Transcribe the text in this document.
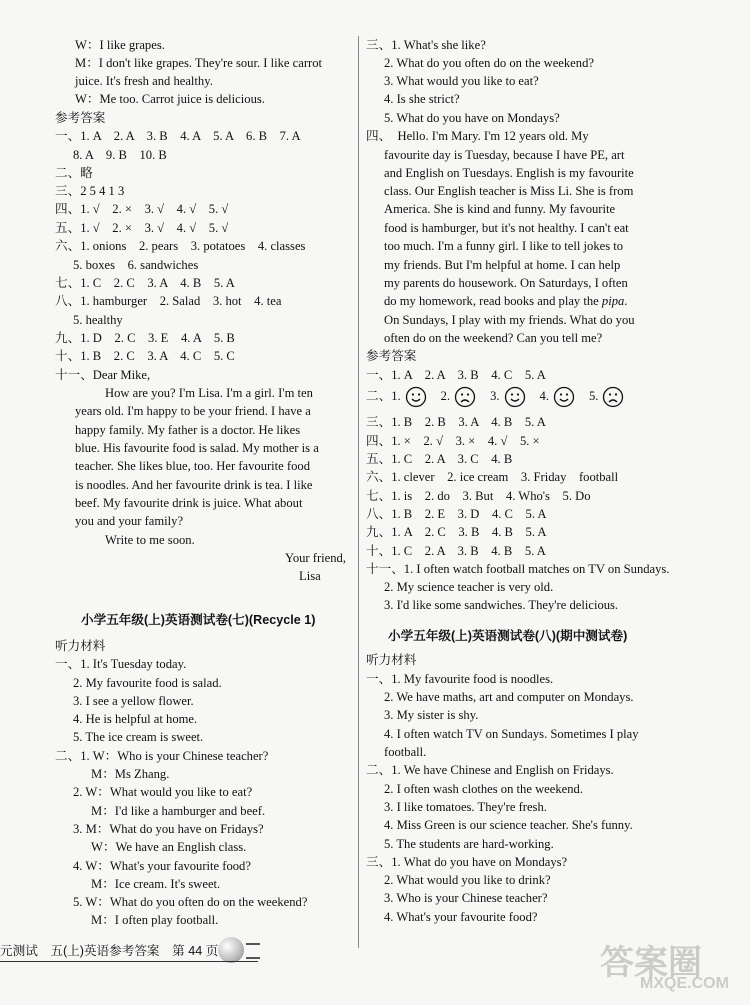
W：I like grapes.
M：I don't like grapes. They're sour. I like carrot
juice. It's fresh and healthy.
W：Me too. Carrot juice is delicious.
参考答案
一、1. A　2. A　3. B　4. A　5. A　6. B　7. A
8. A　9. B　10. B
二、略
三、2 5 4 1 3
四、1. √　2. ×　3. √　4. √　5. √
五、1. √　2. ×　3. √　4. √　5. √
六、1. onions　2. pears　3. potatoes　4. classes
5. boxes　6. sandwiches
七、1. C　2. C　3. A　4. B　5. A
八、1. hamburger　2. Salad　3. hot　4. tea
5. healthy
九、1. D　2. C　3. E　4. A　5. B
十、1. B　2. C　3. A　4. C　5. C
十一、Dear Mike,
How are you? I'm Lisa. I'm a girl. I'm ten
years old. I'm happy to be your friend. I have a
happy family. My father is a doctor. He likes
blue. His favourite food is salad. My mother is a
teacher. She likes blue, too. Her favourite food
is noodles. And her favourite drink is tea. I like
beef. My favourite drink is juice. What about
you and your family?
Write to me soon.
Your friend,
Lisa
小学五年级(上)英语测试卷(七)(Recycle 1)
听力材料
一、1. It's Tuesday today.
2. My favourite food is salad.
3. I see a yellow flower.
4. He is helpful at home.
5. The ice cream is sweet.
二、1. W：Who is your Chinese teacher?
M：Ms Zhang.
2. W：What would you like to eat?
M：I'd like a hamburger and beef.
3. M：What do you have on Fridays?
W：We have an English class.
4. W：What's your favourite food?
M：Ice cream. It's sweet.
5. W：What do you often do on the weekend?
M：I often play football.
三、1. What's she like?
2. What do you often do on the weekend?
3. What would you like to eat?
4. Is she strict?
5. What do you have on Mondays?
四、　Hello. I'm Mary. I'm 12 years old. My
favourite day is Tuesday, because I have PE, art
and English on Tuesdays. English is my favourite
class. Our English teacher is Miss Li. She is from
America. She is kind and funny. My favourite
food is hamburger, but it's not healthy. I can't eat
too much. I'm a funny girl. I like to tell jokes to
my friends. But I'm helpful at home. I can help
my parents do housework. On Saturdays, I often
do my homework, read books and play the pipa.
On Sundays, I play with my friends. What do you
often do on the weekend? Can you tell me?
参考答案
一、1. A　2. A　3. B　4. C　5. A
二、1.	2.	3.	4.	5.
三、1. B　2. B　3. A　4. B　5. A
四、1. ×　2. √　3. ×　4. √　5. ×
五、1. C　2. A　3. C　4. B
六、1. clever　2. ice cream　3. Friday　football
七、1. is　2. do　3. But　4. Who's　5. Do
八、1. B　2. E　3. D　4. C　5. A
九、1. A　2. C　3. B　4. B　5. A
十、1. C　2. A　3. B　4. B　5. A
十一、1. I often watch football matches on TV on Sundays.
2. My science teacher is very old.
3. I'd like some sandwiches. They're delicious.
小学五年级(上)英语测试卷(八)(期中测试卷)
听力材料
一、1. My favourite food is noodles.
2. We have maths, art and computer on Mondays.
3. My sister is shy.
4. I often watch TV on Sundays. Sometimes I play
football.
二、1. We have Chinese and English on Fridays.
2. I often wash clothes on the weekend.
3. I like tomatoes. They're fresh.
4. Miss Green is our science teacher. She's funny.
5. The students are hard-working.
三、1. What do you have on Mondays?
2. What would you like to drink?
3. Who is your Chinese teacher?
4. What's your favourite food?
元测试　五(上)英语参考答案　第 44 页	答案圈
MXQE.COM
